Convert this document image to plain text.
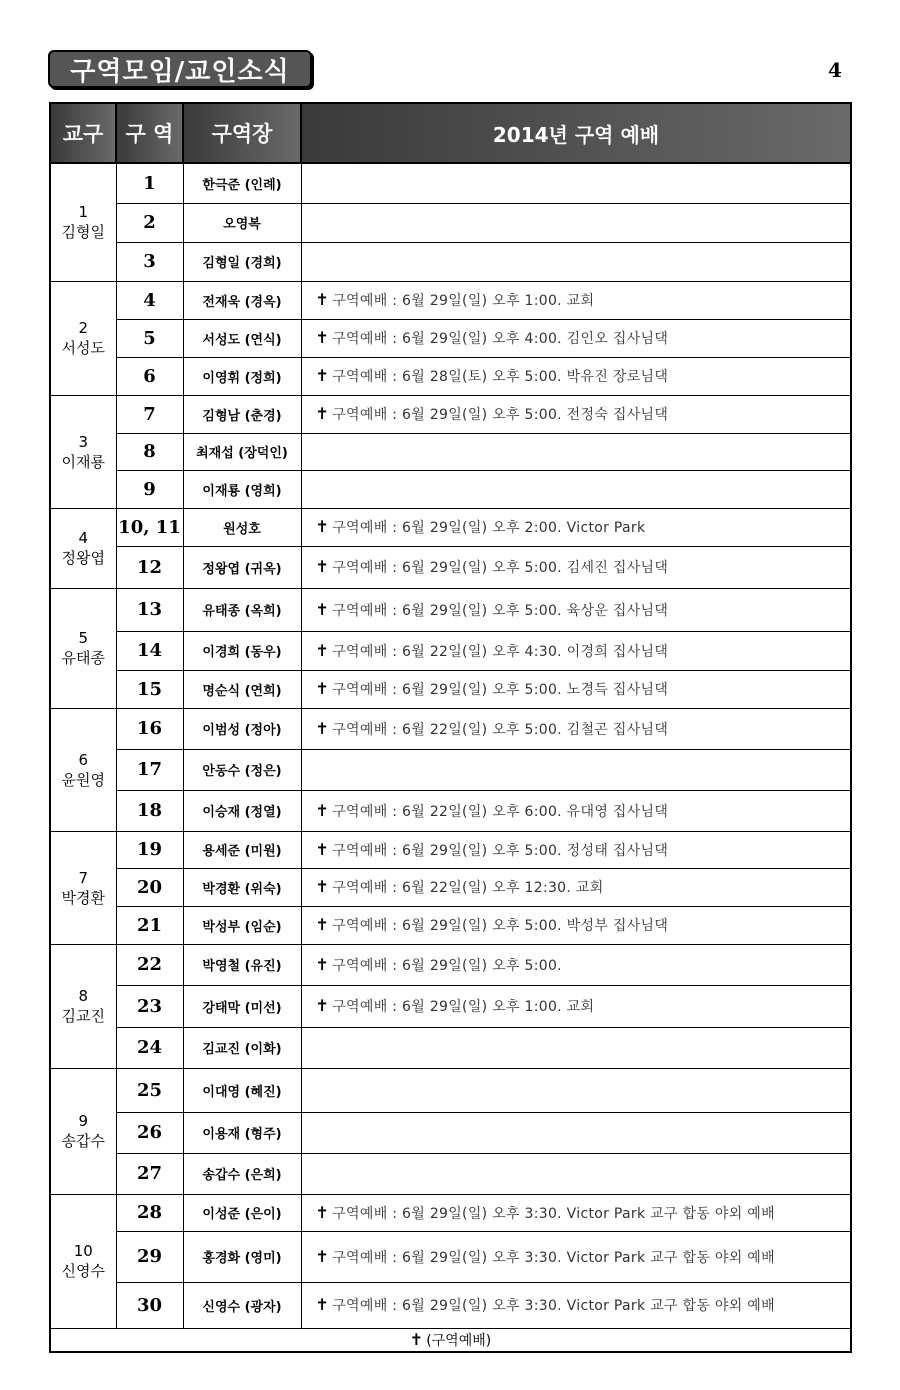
구역모임/교인소식	4
교구	구 역	구역장	2014년 구역 예배

1
김형일	1	한극준 (인례)	
	2	오영복	
	3	김형일 (경희)	

2
서성도	4	전재욱 (경옥)	✝ 구역예배 : 6월 29일(일) 오후 1:00. 교회
	5	서성도 (연식)	✝ 구역예배 : 6월 29일(일) 오후 4:00. 김인오 집사님댁
	6	이영휘 (정희)	✝ 구역예배 : 6월 28일(토) 오후 5:00. 박유진 장로님댁

3
이재룡	7	김형남 (춘경)	✝ 구역예배 : 6월 29일(일) 오후 5:00. 전정숙 집사님댁
	8	최재섭 (장덕인)	
	9	이재룡 (영희)	

4
정왕엽	10, 11	원성호	✝ 구역예배 : 6월 29일(일) 오후 2:00. Victor Park
	12	정왕엽 (귀옥)	✝ 구역예배 : 6월 29일(일) 오후 5:00. 김세진 집사님댁

5
유태종	13	유태종 (옥희)	✝ 구역예배 : 6월 29일(일) 오후 5:00. 육상운 집사님댁
	14	이경희 (동우)	✝ 구역예배 : 6월 22일(일) 오후 4:30. 이경희 집사님댁
	15	명순식 (연희)	✝ 구역예배 : 6월 29일(일) 오후 5:00. 노경득 집사님댁

6
윤원영	16	이범성 (정아)	✝ 구역예배 : 6월 22일(일) 오후 5:00. 김철곤 집사님댁
	17	안동수 (정은)	
	18	이승재 (정열)	✝ 구역예배 : 6월 22일(일) 오후 6:00. 유대영 집사님댁

7
박경환	19	용세준 (미원)	✝ 구역예배 : 6월 29일(일) 오후 5:00. 정성태 집사님댁
	20	박경환 (위숙)	✝ 구역예배 : 6월 22일(일) 오후 12:30. 교회
	21	박성부 (임순)	✝ 구역예배 : 6월 29일(일) 오후 5:00. 박성부 집사님댁

8
김교진	22	박영철 (유진)	✝ 구역예배 : 6월 29일(일) 오후 5:00.
	23	강태막 (미선)	✝ 구역예배 : 6월 29일(일) 오후 1:00. 교회
	24	김교진 (이화)	

9
송갑수	25	이대영 (혜진)	
	26	이용재 (형주)	
	27	송갑수 (은희)	

10
신영수	28	이성준 (은이)	✝ 구역예배 : 6월 29일(일) 오후 3:30. Victor Park 교구 합동 야외 예배
	29	홍경화 (영미)	✝ 구역예배 : 6월 29일(일) 오후 3:30. Victor Park 교구 합동 야외 예배
	30	신영수 (광자)	✝ 구역예배 : 6월 29일(일) 오후 3:30. Victor Park 교구 합동 야외 예배
✝ (구역예배)			
